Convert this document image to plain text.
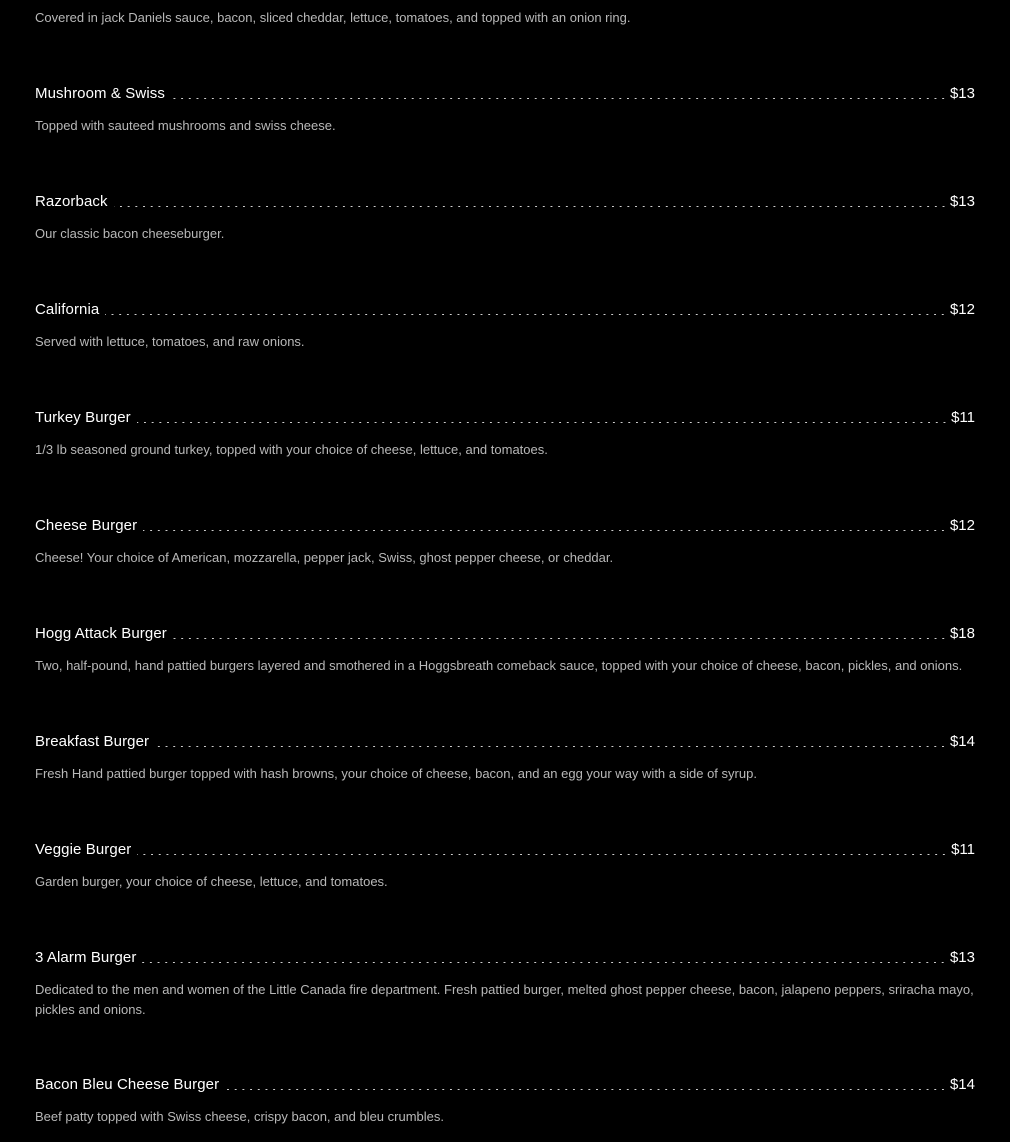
Covered in jack Daniels sauce, bacon, sliced cheddar, lettuce, tomatoes, and topped with an onion ring.
Mushroom & Swiss	$13
Topped with sauteed mushrooms and swiss cheese.
Razorback	$13
Our classic bacon cheeseburger.
California	$12
Served with lettuce, tomatoes, and raw onions.
Turkey Burger	$11
1/3 lb seasoned ground turkey, topped with your choice of cheese, lettuce, and tomatoes.
Cheese Burger	$12
Cheese! Your choice of American, mozzarella, pepper jack, Swiss, ghost pepper cheese, or cheddar.
Hogg Attack Burger	$18
Two, half-pound, hand pattied burgers layered and smothered in a Hoggsbreath comeback sauce, topped with your choice of cheese, bacon, pickles, and onions.
Breakfast Burger	$14
Fresh Hand pattied burger topped with hash browns, your choice of cheese, bacon, and an egg your way with a side of syrup.
Veggie Burger	$11
Garden burger, your choice of cheese, lettuce, and tomatoes.
3 Alarm Burger	$13
Dedicated to the men and women of the Little Canada fire department. Fresh pattied burger, melted ghost pepper cheese, bacon, jalapeno peppers, sriracha mayo, pickles and onions.
Bacon Bleu Cheese Burger	$14
Beef patty topped with Swiss cheese, crispy bacon, and bleu crumbles.
